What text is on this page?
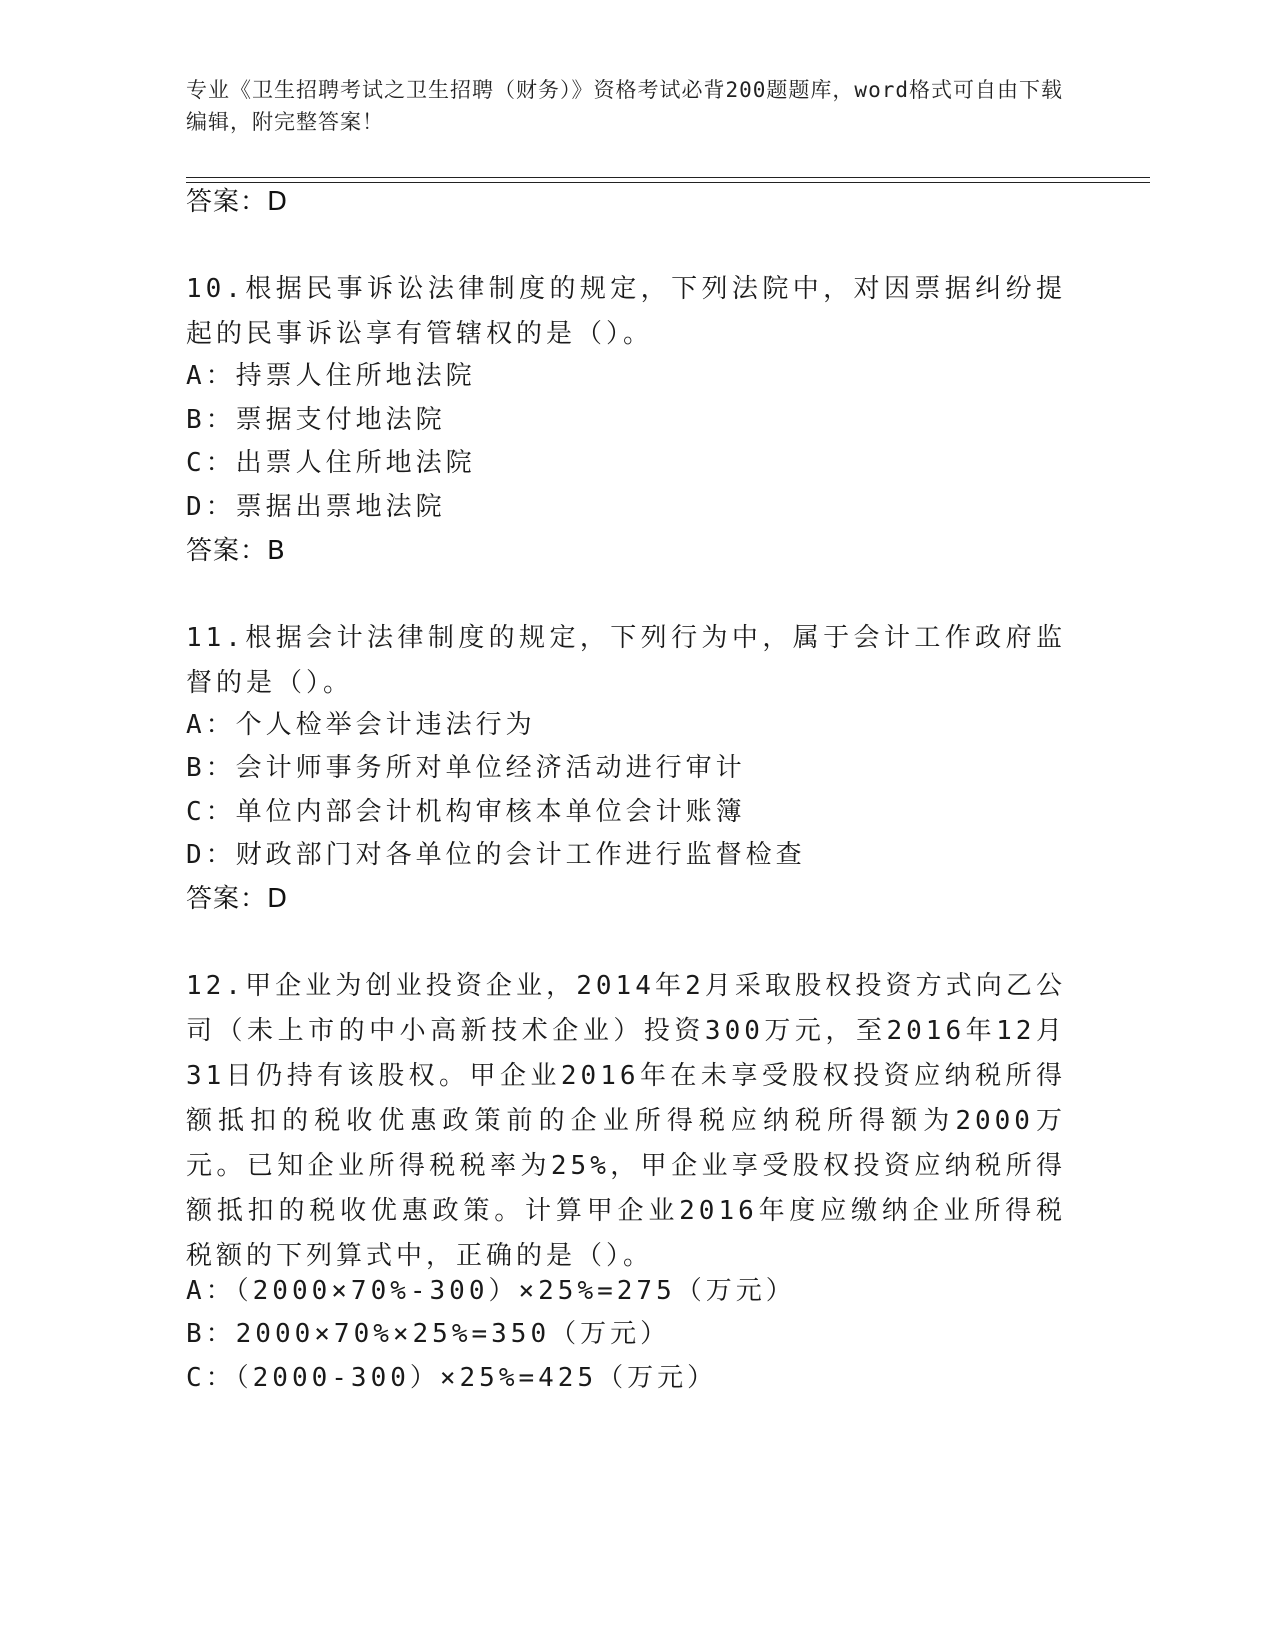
专业《卫生招聘考试之卫生招聘（财务）》资格考试必背200题题库，word格式可自由下载编辑，附完整答案！
答案：D
10.根据民事诉讼法律制度的规定，下列法院中，对因票据纠纷提起的民事诉讼享有管辖权的是（）。
A：持票人住所地法院
B：票据支付地法院
C：出票人住所地法院
D：票据出票地法院
答案：B
11.根据会计法律制度的规定，下列行为中，属于会计工作政府监督的是（）。
A：个人检举会计违法行为
B：会计师事务所对单位经济活动进行审计
C：单位内部会计机构审核本单位会计账簿
D：财政部门对各单位的会计工作进行监督检查
答案：D
12.甲企业为创业投资企业，2014年2月采取股权投资方式向乙公司（未上市的中小高新技术企业）投资300万元，至2016年12月31日仍持有该股权。甲企业2016年在未享受股权投资应纳税所得额抵扣的税收优惠政策前的企业所得税应纳税所得额为2000万元。已知企业所得税税率为25%，甲企业享受股权投资应纳税所得额抵扣的税收优惠政策。计算甲企业2016年度应缴纳企业所得税税额的下列算式中，正确的是（）。
A：（2000×70%-300）×25%=275（万元）
B：2000×70%×25%=350（万元）
C：（2000-300）×25%=425（万元）
